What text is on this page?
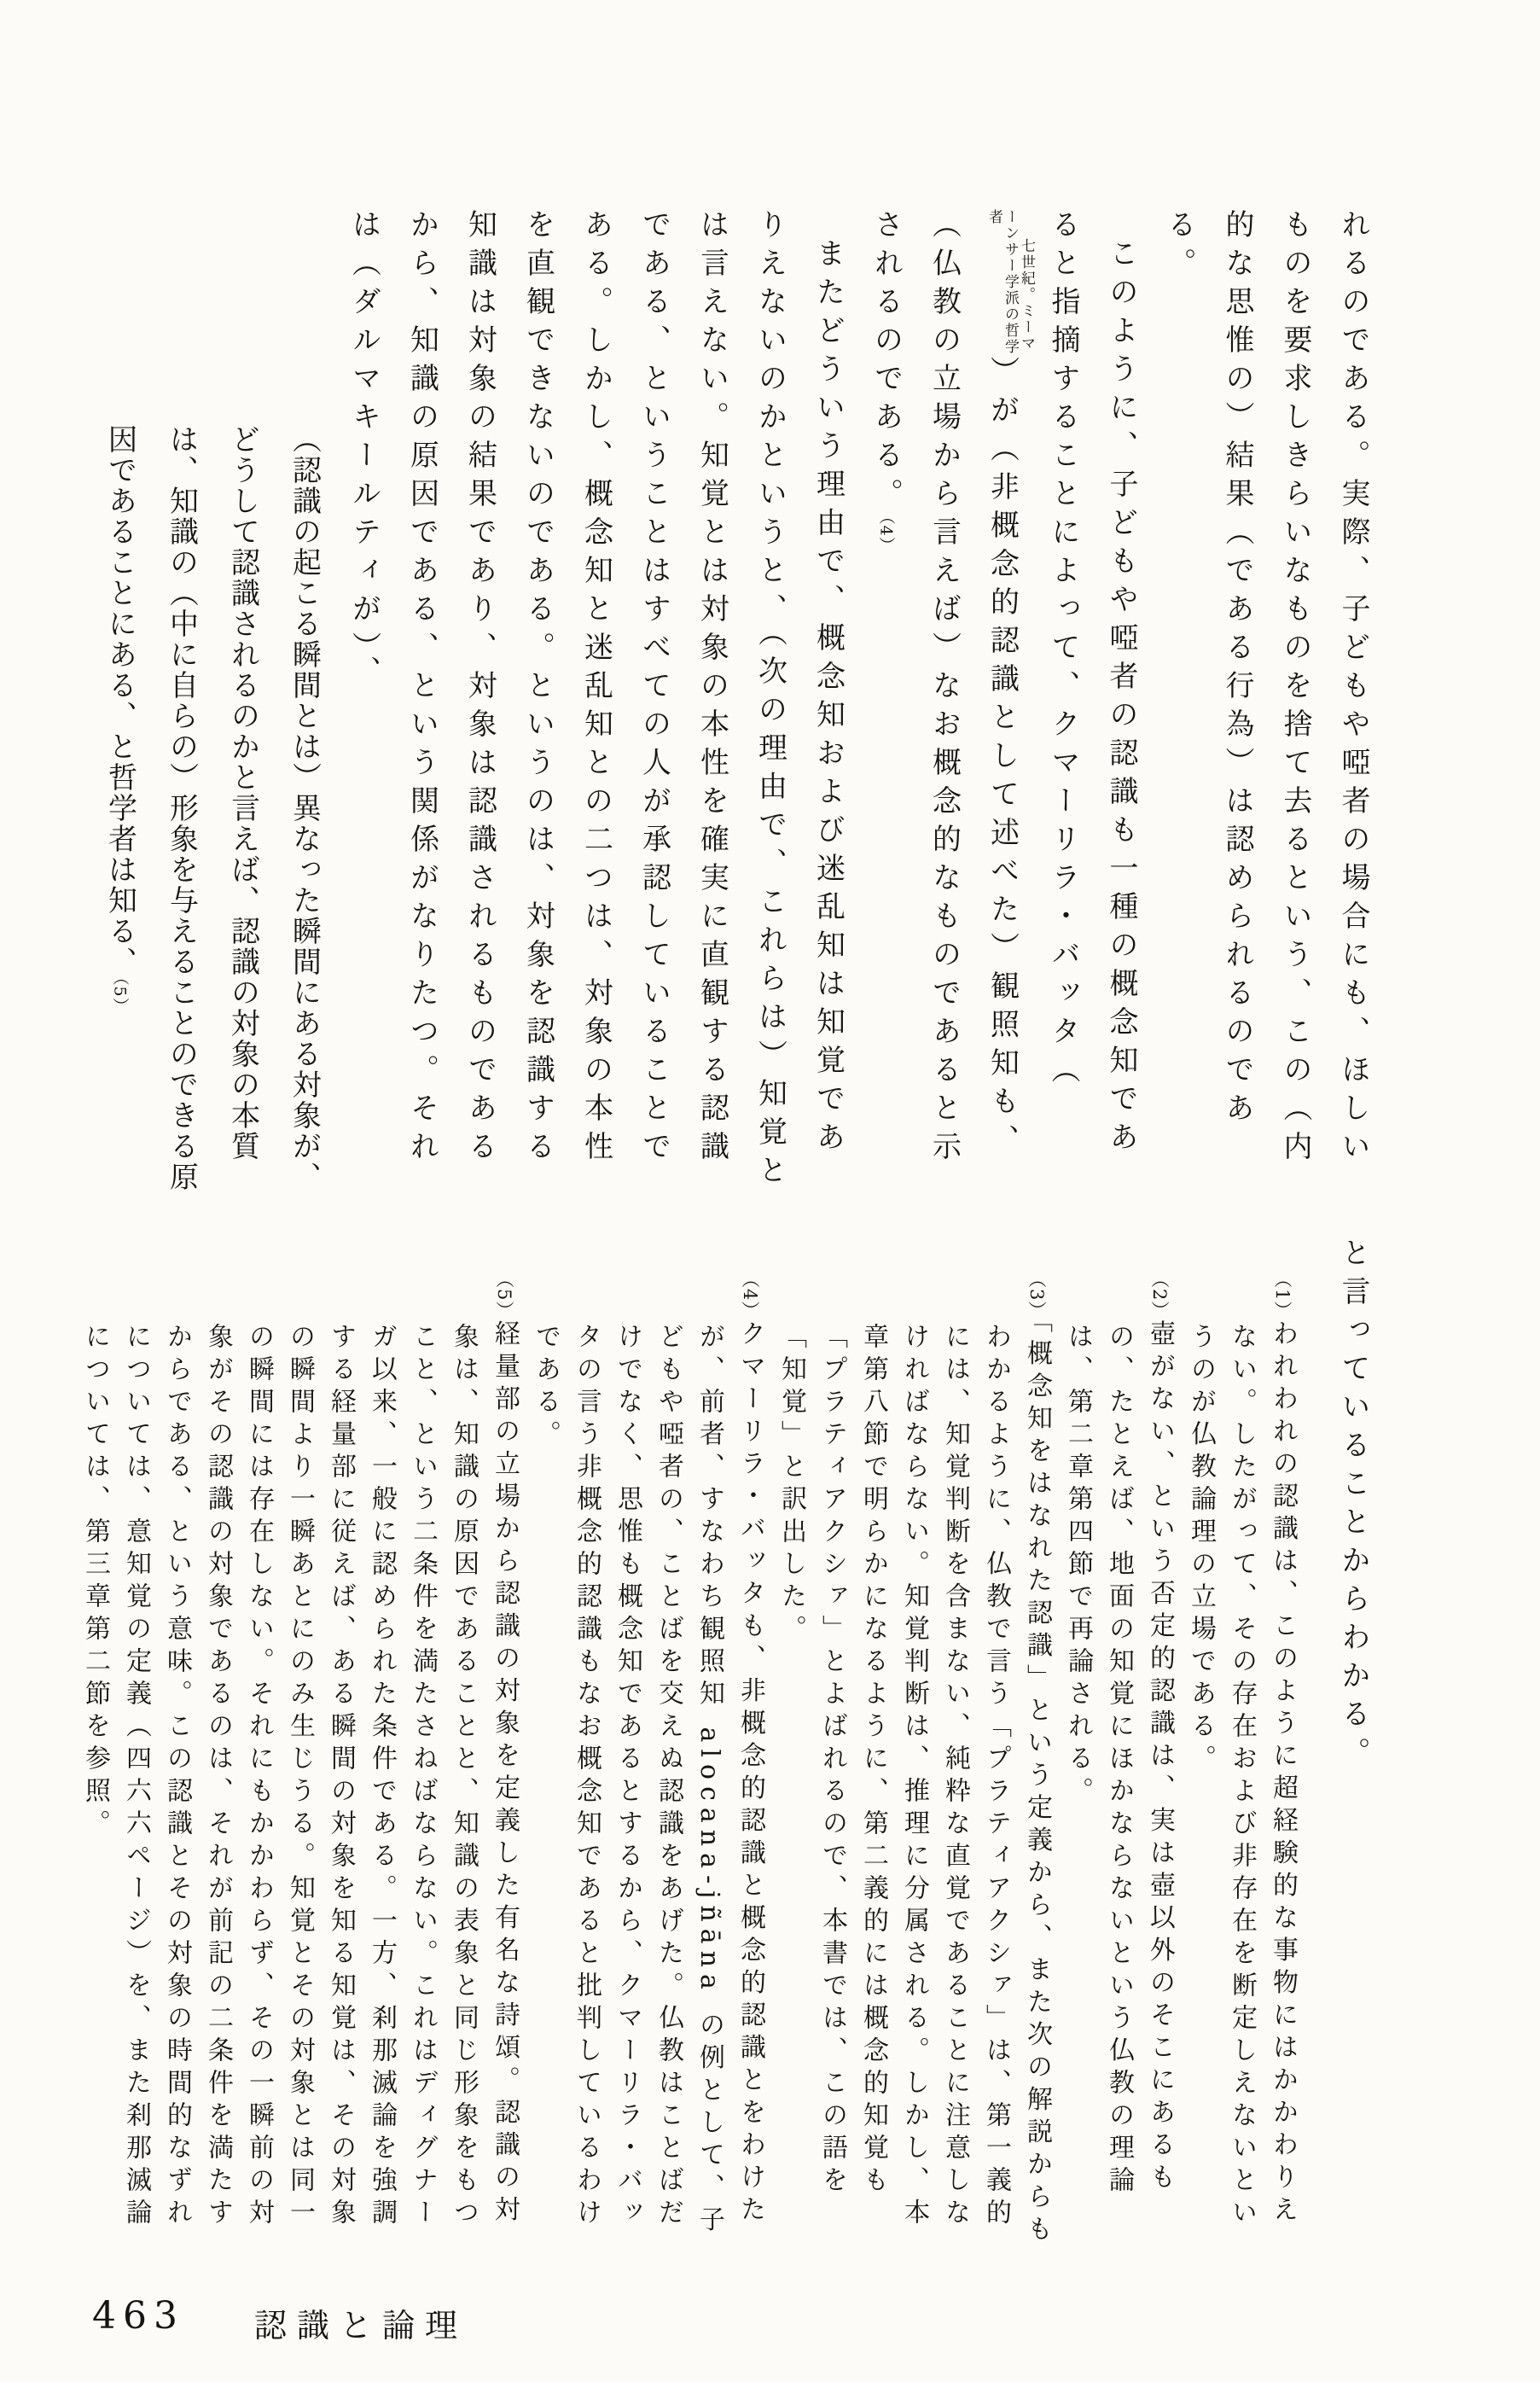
れるのである。実際、子どもや啞者の場合にも、ほしいものを要求しきらいなものを捨て去るという、この（内的な思惟の）結果（である行為）は認められるのである。

このように、子どもや啞者の認識も一種の概念知であると指摘することによって、クマーリラ・バッタ（七世紀。ミーマーンサー学派の哲学者）が（非概念的認識として述べた）観照知も、（仏教の立場から言えば）なお概念的なものであると示されるのである。（4）

またどういう理由で、概念知および迷乱知は知覚でありえないのかというと、（次の理由で、これらは）知覚とは言えない。知覚とは対象の本性を確実に直観する認識である、ということはすべての人が承認していることである。しかし、概念知と迷乱知との二つは、対象の本性を直観できないのである。というのは、対象を認識する知識は対象の結果であり、対象は認識されるものであるから、知識の原因である、という関係がなりたつ。それは（ダルマキールティが）、

（認識の起こる瞬間とは）異なった瞬間にある対象が、どうして認識されるのかと言えば、認識の対象の本質は、知識の（中に自らの）形象を与えることのできる原因であることにある、と哲学者は知る、（5）

と言っていることからわかる。

（1）われわれの認識は、このように超経験的な事物にはかかわりえない。したがって、その存在および非存在を断定しえないというのが仏教論理の立場である。

（2）壺がない、という否定的認識は、実は壺以外のそこにあるもの、たとえば、地面の知覚にほかならないという仏教の理論は、第二章第四節で再論される。

（3）「概念知をはなれた認識」という定義から、また次の解説からもわかるように、仏教で言う「プラティアクシァ」は、第一義的には、知覚判断を含まない、純粋な直覚であることに注意しなければならない。知覚判断は、推理に分属される。しかし、本章第八節で明らかになるように、第二義的には概念的知覚も「プラティアクシァ」とよばれるので、本書では、この語を「知覚」と訳出した。

（4）クマーリラ・バッタも、非概念的認識と概念的認識とをわけたが、前者、すなわち観照知 alocana-jñāna の例として、子どもや啞者の、ことばを交えぬ認識をあげた。仏教はことばだけでなく、思惟も概念知であるとするから、クマーリラ・バッタの言う非概念的認識もなお概念知であると批判しているわけである。

（5）経量部の立場から認識の対象を定義した有名な詩頌。認識の対象は、知識の原因であることと、知識の表象と同じ形象をもつこと、という二条件を満たさねばならない。これはディグナーガ以来、一般に認められた条件である。一方、刹那滅論を強調する経量部に従えば、ある瞬間の対象を知る知覚は、その対象の瞬間より一瞬あとにのみ生じうる。知覚とその対象とは同一の瞬間には存在しない。それにもかかわらず、その一瞬前の対象がその認識の対象であるのは、それが前記の二条件を満たすからである、という意味。この認識とその対象の時間的なずれについては、意知覚の定義（四六六ページ）を、また刹那滅論については、第三章第二節を参照。

463 認識と論理
